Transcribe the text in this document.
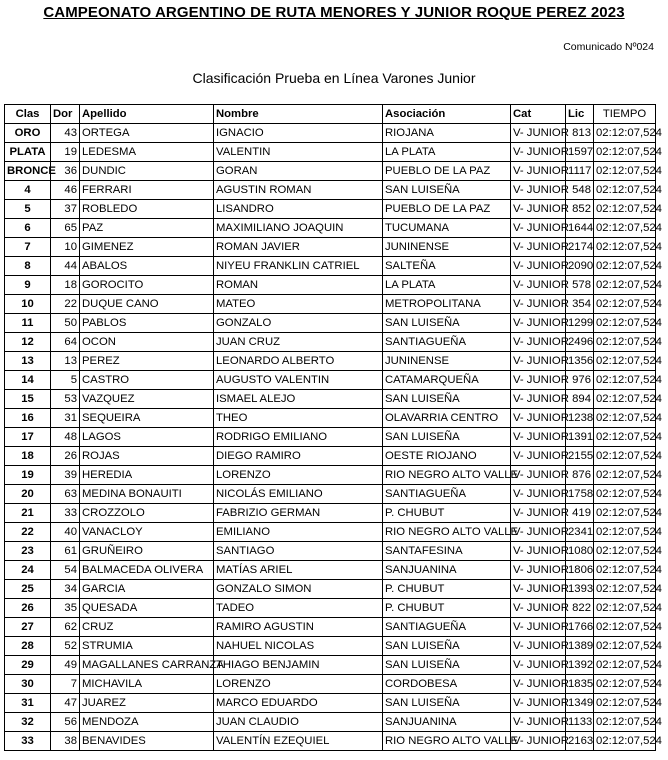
CAMPEONATO ARGENTINO DE RUTA MENORES Y JUNIOR ROQUE PEREZ 2023
Comunicado Nº024
Clasificación Prueba en Línea Varones Junior
Clas	Dor	Apellido	Nombre	Asociación	Cat	Lic	TIEMPO
ORO	43	ORTEGA	IGNACIO	RIOJANA	V- JUNIOR	813	02:12:07,524
PLATA	19	LEDESMA	VALENTIN	LA PLATA	V- JUNIOR	1597	02:12:07,524
BRONCE	36	DUNDIC	GORAN	PUEBLO DE LA PAZ	V- JUNIOR	1117	02:12:07,524
4	46	FERRARI	AGUSTIN ROMAN	SAN LUISEÑA	V- JUNIOR	548	02:12:07,524
5	37	ROBLEDO	LISANDRO	PUEBLO DE LA PAZ	V- JUNIOR	852	02:12:07,524
6	65	PAZ	MAXIMILIANO JOAQUIN	TUCUMANA	V- JUNIOR	1644	02:12:07,524
7	10	GIMENEZ	ROMAN JAVIER	JUNINENSE	V- JUNIOR	2174	02:12:07,524
8	44	ABALOS	NIYEU FRANKLIN CATRIEL	SALTEÑA	V- JUNIOR	2090	02:12:07,524
9	18	GOROCITO	ROMAN	LA PLATA	V- JUNIOR	578	02:12:07,524
10	22	DUQUE CANO	MATEO	METROPOLITANA	V- JUNIOR	354	02:12:07,524
11	50	PABLOS	GONZALO	SAN LUISEÑA	V- JUNIOR	1299	02:12:07,524
12	64	OCON	JUAN CRUZ	SANTIAGUEÑA	V- JUNIOR	2496	02:12:07,524
13	13	PEREZ	LEONARDO ALBERTO	JUNINENSE	V- JUNIOR	1356	02:12:07,524
14	5	CASTRO	AUGUSTO VALENTIN	CATAMARQUEÑA	V- JUNIOR	976	02:12:07,524
15	53	VAZQUEZ	ISMAEL ALEJO	SAN LUISEÑA	V- JUNIOR	894	02:12:07,524
16	31	SEQUEIRA	THEO	OLAVARRIA CENTRO	V- JUNIOR	1238	02:12:07,524
17	48	LAGOS	RODRIGO EMILIANO	SAN LUISEÑA	V- JUNIOR	1391	02:12:07,524
18	26	ROJAS	DIEGO RAMIRO	OESTE RIOJANO	V- JUNIOR	2155	02:12:07,524
19	39	HEREDIA	LORENZO	RIO NEGRO ALTO VALLE	V- JUNIOR	876	02:12:07,524
20	63	MEDINA BONAUITI	NICOLÁS EMILIANO	SANTIAGUEÑA	V- JUNIOR	1758	02:12:07,524
21	33	CROZZOLO	FABRIZIO GERMAN	P. CHUBUT	V- JUNIOR	419	02:12:07,524
22	40	VANACLOY	EMILIANO	RIO NEGRO ALTO VALLE	V- JUNIOR	2341	02:12:07,524
23	61	GRUÑEIRO	SANTIAGO	SANTAFESINA	V- JUNIOR	1080	02:12:07,524
24	54	BALMACEDA OLIVERA	MATÍAS ARIEL	SANJUANINA	V- JUNIOR	1806	02:12:07,524
25	34	GARCIA	GONZALO SIMON	P. CHUBUT	V- JUNIOR	1393	02:12:07,524
26	35	QUESADA	TADEO	P. CHUBUT	V- JUNIOR	822	02:12:07,524
27	62	CRUZ	RAMIRO AGUSTIN	SANTIAGUEÑA	V- JUNIOR	1766	02:12:07,524
28	52	STRUMIA	NAHUEL NICOLAS	SAN LUISEÑA	V- JUNIOR	1389	02:12:07,524
29	49	MAGALLANES CARRANZA	THIAGO BENJAMIN	SAN LUISEÑA	V- JUNIOR	1392	02:12:07,524
30	7	MICHAVILA	LORENZO	CORDOBESA	V- JUNIOR	1835	02:12:07,524
31	47	JUAREZ	MARCO EDUARDO	SAN LUISEÑA	V- JUNIOR	1349	02:12:07,524
32	56	MENDOZA	JUAN CLAUDIO	SANJUANINA	V- JUNIOR	1133	02:12:07,524
33	38	BENAVIDES	VALENTÍN EZEQUIEL	RIO NEGRO ALTO VALLE	V- JUNIOR	2163	02:12:07,524
